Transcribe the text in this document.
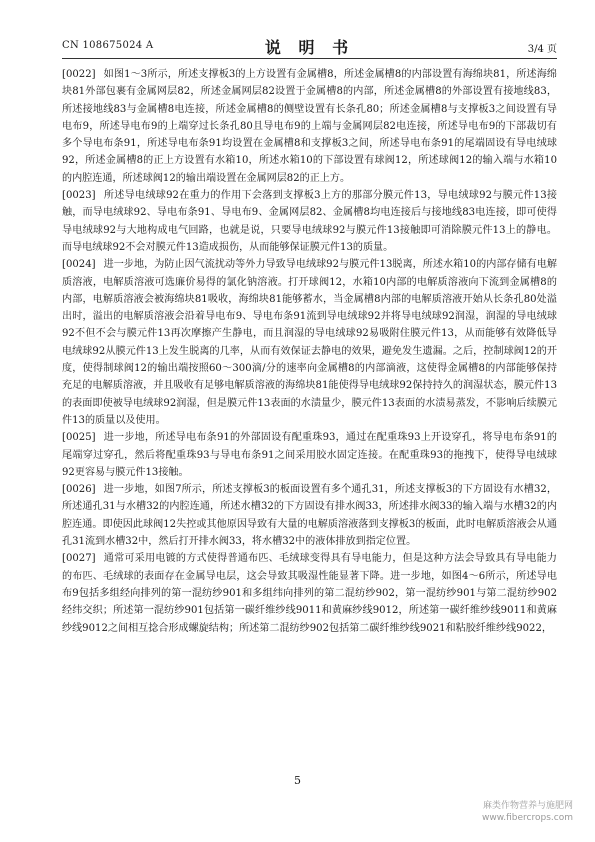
CN 108675024 A	说 明 书	3/4 页

[0022] 如图1～3所示，所述支撑板3的上方设置有金属槽8，所述金属槽8的内部设置有海绵块81，所述海绵块81外部包裹有金属网层82，所述金属网层82设置于金属槽8的内部，所述金属槽8的外部设置有接地线83，所述接地线83与金属槽8电连接，所述金属槽8的侧壁设置有长条孔80；所述金属槽8与支撑板3之间设置有导电布9，所述导电布9的上端穿过长条孔80且导电布9的上端与金属网层82电连接，所述导电布9的下部裁切有多个导电布条91，所述导电布条91均设置在金属槽8和支撑板3之间，所述导电布条91的尾端固设有导电绒球92，所述金属槽8的正上方设置有水箱10，所述水箱10的下部设置有球阀12，所述球阀12的输入端与水箱10的内腔连通，所述球阀12的输出端设置在金属网层82的正上方。

[0023] 所述导电绒球92在重力的作用下会落到支撑板3上方的那部分膜元件13，导电绒球92与膜元件13接触，而导电绒球92、导电布条91、导电布9、金属网层82、金属槽8均电连接后与接地线83电连接，即可使得导电绒球92与大地构成电气回路，也就是说，只要导电绒球92与膜元件13接触即可消除膜元件13上的静电。而导电绒球92不会对膜元件13造成损伤，从而能够保证膜元件13的质量。

[0024] 进一步地，为防止因气流扰动等外力导致导电绒球92与膜元件13脱离，所述水箱10的内部存储有电解质溶液，电解质溶液可选廉价易得的氯化钠溶液。打开球阀12，水箱10内部的电解质溶液向下流到金属槽8的内部，电解质溶液会被海绵块81吸收，海绵块81能够蓄水，当金属槽8内部的电解质溶液开始从长条孔80处溢出时，溢出的电解质溶液会沿着导电布9、导电布条91流到导电绒球92并将导电绒球92润湿，润湿的导电绒球92不但不会与膜元件13再次摩擦产生静电，而且润湿的导电绒球92易吸附住膜元件13，从而能够有效降低导电绒球92从膜元件13上发生脱离的几率，从而有效保证去静电的效果，避免发生遗漏。之后，控制球阀12的开度，使得制球阀12的输出端按照60～300滴/分的速率向金属槽8的内部滴液，这使得金属槽8的内部能够保持充足的电解质溶液，并且吸收有足够电解质溶液的海绵块81能使得导电绒球92保持持久的润湿状态，膜元件13的表面即使被导电绒球92润湿，但是膜元件13表面的水渍量少，膜元件13表面的水渍易蒸发，不影响后续膜元件13的质量以及使用。

[0025] 进一步地，所述导电布条91的外部固设有配重珠93，通过在配重珠93上开设穿孔，将导电布条91的尾端穿过穿孔，然后将配重珠93与导电布条91之间采用胶水固定连接。在配重珠93的拖拽下，使得导电绒球92更容易与膜元件13接触。

[0026] 进一步地，如图7所示，所述支撑板3的板面设置有多个通孔31，所述支撑板3的下方固设有水槽32，所述通孔31与水槽32的内腔连通，所述水槽32的下方固设有排水阀33，所述排水阀33的输入端与水槽32的内腔连通。即使因此球阀12失控或其他原因导致有大量的电解质溶液落到支撑板3的板面，此时电解质溶液会从通孔31流到水槽32中，然后打开排水阀33，将水槽32中的液体排放到指定位置。

[0027] 通常可采用电镀的方式使得普通布匹、毛绒球变得具有导电能力，但是这种方法会导致具有导电能力的布匹、毛绒球的表面存在金属导电层，这会导致其吸湿性能显著下降。进一步地，如图4～6所示，所述导电布9包括多组经向排列的第一混纺纱901和多组纬向排列的第二混纺纱902，第一混纺纱901与第二混纺纱902经纬交织；所述第一混纺纱901包括第一碳纤维纱线9011和黄麻纱线9012，所述第一碳纤维纱线9011和黄麻纱线9012之间相互捻合形成螺旋结构；所述第二混纺纱902包括第二碳纤维纱线9021和粘胶纤维纱线9022，

5
麻类作物营养与施肥网
www.fibercrops.com
